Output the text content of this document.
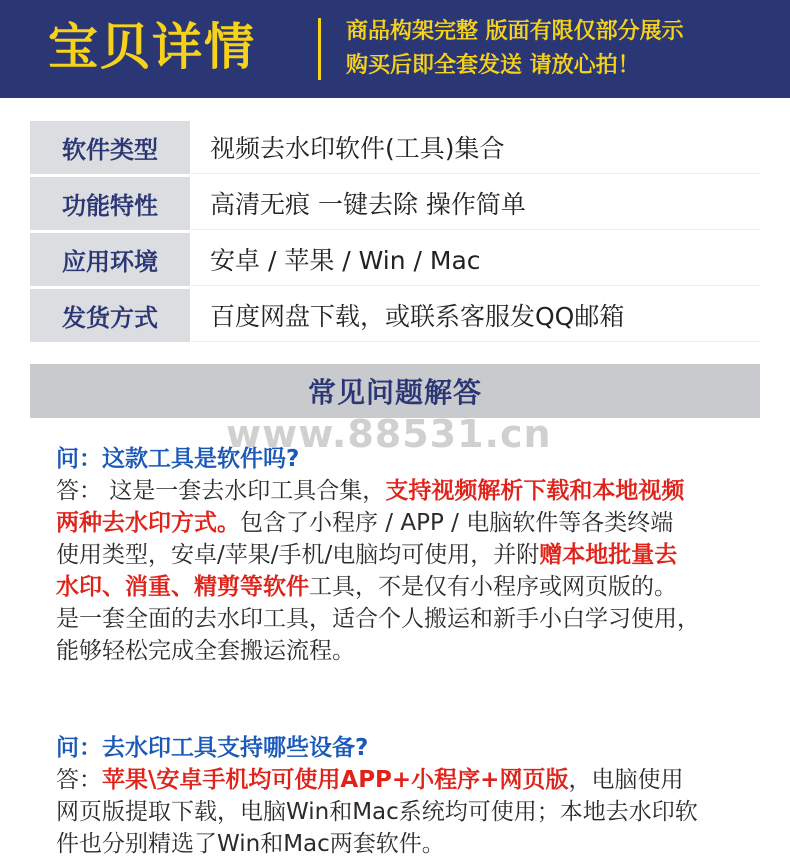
宝贝详情	商品构架完整 版面有限仅部分展示
购买后即全套发送 请放心拍！
软件类型	视频去水印软件(工具)集合
功能特性	高清无痕 一键去除 操作简单
应用环境	安卓 / 苹果 / Win / Mac
发货方式	百度网盘下载，或联系客服发QQ邮箱
常见问题解答
www.88531.cn
问：这款工具是软件吗?
答： 这是一套去水印工具合集，支持视频解析下载和本地视频
两种去水印方式。包含了小程序 / APP / 电脑软件等各类终端
使用类型，安卓/苹果/手机/电脑均可使用，并附赠本地批量去
水印、消重、精剪等软件工具，不是仅有小程序或网页版的。
是一套全面的去水印工具，适合个人搬运和新手小白学习使用，
能够轻松完成全套搬运流程。
问：去水印工具支持哪些设备?
答：苹果\安卓手机均可使用APP+小程序+网页版，电脑使用
网页版提取下载，电脑Win和Mac系统均可使用；本地去水印软
件也分别精选了Win和Mac两套软件。
